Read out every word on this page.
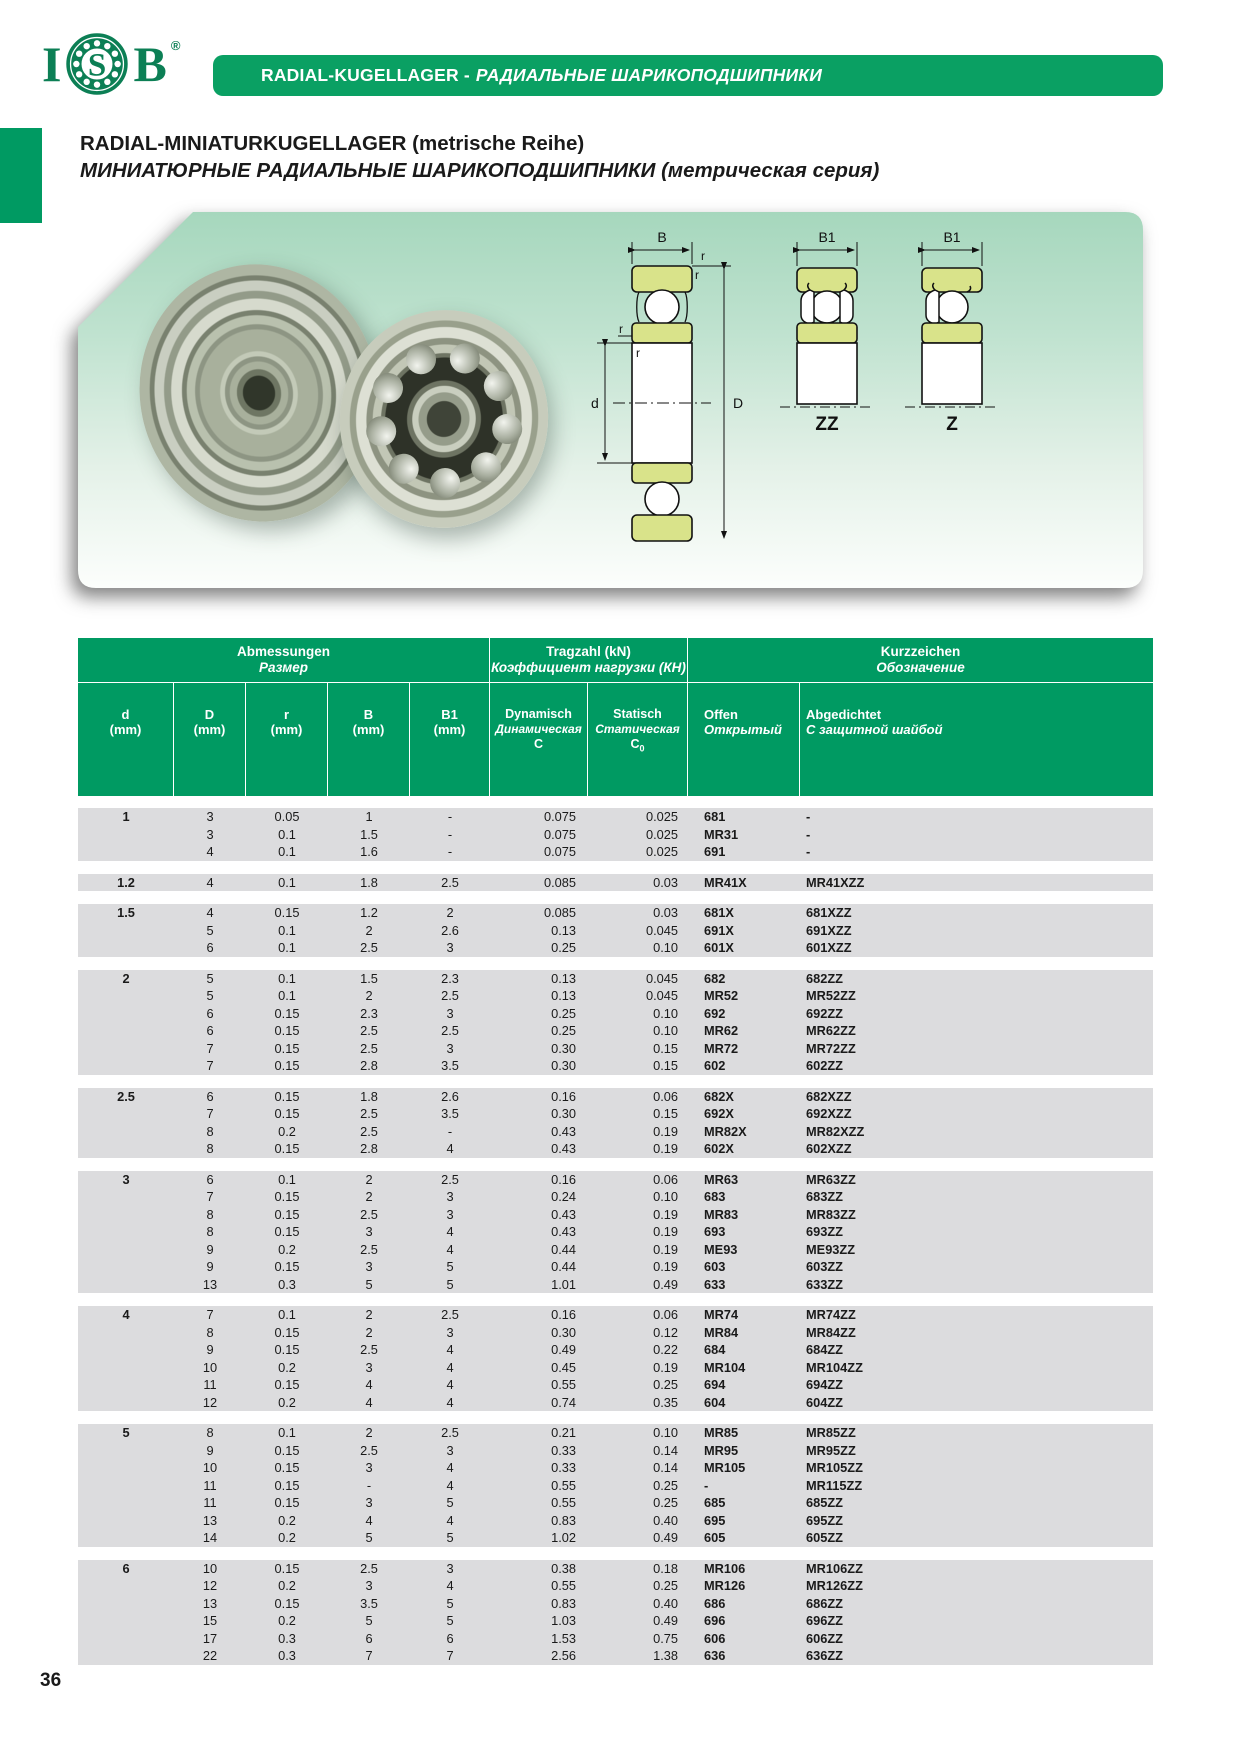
I S B ®
RADIAL-KUGELLAGER - РАДИАЛЬНЫЕ ШАРИКОПОДШИПНИКИ
RADIAL-MINIATURKUGELLAGER (metrische Reihe)
МИНИАТЮРНЫЕ РАДИАЛЬНЫЕ ШАРИКОПОДШИПНИКИ (метрическая серия)
B
r
r
r
r
d	D
B1
ZZ
B1
Z
Abmessungen
Размер
Tragzahl (kN)
Коэффициент нагрузки (КН)
Kurzzeichen
Обозначение
d
(mm)
D
(mm)
r
(mm)
B
(mm)
B1
(mm)
Dynamisch
Динамическая
C
Statisch
Статическая
$C_0$
Offen
Открытый
Abgedichtet
С защитной шайбой
1	3	0.05	1	-	0.075	0.025	681	-
3	0.1	1.5	-	0.075	0.025	MR31	-
4	0.1	1.6	-	0.075	0.025	691	-
1.2	4	0.1	1.8	2.5	0.085	0.03	MR41X	MR41XZZ
1.5	4	0.15	1.2	2	0.085	0.03	681X	681XZZ
5	0.1	2	2.6	0.13	0.045	691X	691XZZ
6	0.1	2.5	3	0.25	0.10	601X	601XZZ
2	5	0.1	1.5	2.3	0.13	0.045	682	682ZZ
5	0.1	2	2.5	0.13	0.045	MR52	MR52ZZ
6	0.15	2.3	3	0.25	0.10	692	692ZZ
6	0.15	2.5	2.5	0.25	0.10	MR62	MR62ZZ
7	0.15	2.5	3	0.30	0.15	MR72	MR72ZZ
7	0.15	2.8	3.5	0.30	0.15	602	602ZZ
2.5	6	0.15	1.8	2.6	0.16	0.06	682X	682XZZ
7	0.15	2.5	3.5	0.30	0.15	692X	692XZZ
8	0.2	2.5	-	0.43	0.19	MR82X	MR82XZZ
8	0.15	2.8	4	0.43	0.19	602X	602XZZ
3	6	0.1	2	2.5	0.16	0.06	MR63	MR63ZZ
7	0.15	2	3	0.24	0.10	683	683ZZ
8	0.15	2.5	3	0.43	0.19	MR83	MR83ZZ
8	0.15	3	4	0.43	0.19	693	693ZZ
9	0.2	2.5	4	0.44	0.19	ME93	ME93ZZ
9	0.15	3	5	0.44	0.19	603	603ZZ
13	0.3	5	5	1.01	0.49	633	633ZZ
4	7	0.1	2	2.5	0.16	0.06	MR74	MR74ZZ
8	0.15	2	3	0.30	0.12	MR84	MR84ZZ
9	0.15	2.5	4	0.49	0.22	684	684ZZ
10	0.2	3	4	0.45	0.19	MR104	MR104ZZ
11	0.15	4	4	0.55	0.25	694	694ZZ
12	0.2	4	4	0.74	0.35	604	604ZZ
5	8	0.1	2	2.5	0.21	0.10	MR85	MR85ZZ
9	0.15	2.5	3	0.33	0.14	MR95	MR95ZZ
10	0.15	3	4	0.33	0.14	MR105	MR105ZZ
11	0.15	-	4	0.55	0.25	-	MR115ZZ
11	0.15	3	5	0.55	0.25	685	685ZZ
13	0.2	4	4	0.83	0.40	695	695ZZ
14	0.2	5	5	1.02	0.49	605	605ZZ
6	10	0.15	2.5	3	0.38	0.18	MR106	MR106ZZ
12	0.2	3	4	0.55	0.25	MR126	MR126ZZ
13	0.15	3.5	5	0.83	0.40	686	686ZZ
15	0.2	5	5	1.03	0.49	696	696ZZ
17	0.3	6	6	1.53	0.75	606	606ZZ
22	0.3	7	7	2.56	1.38	636	636ZZ
36
